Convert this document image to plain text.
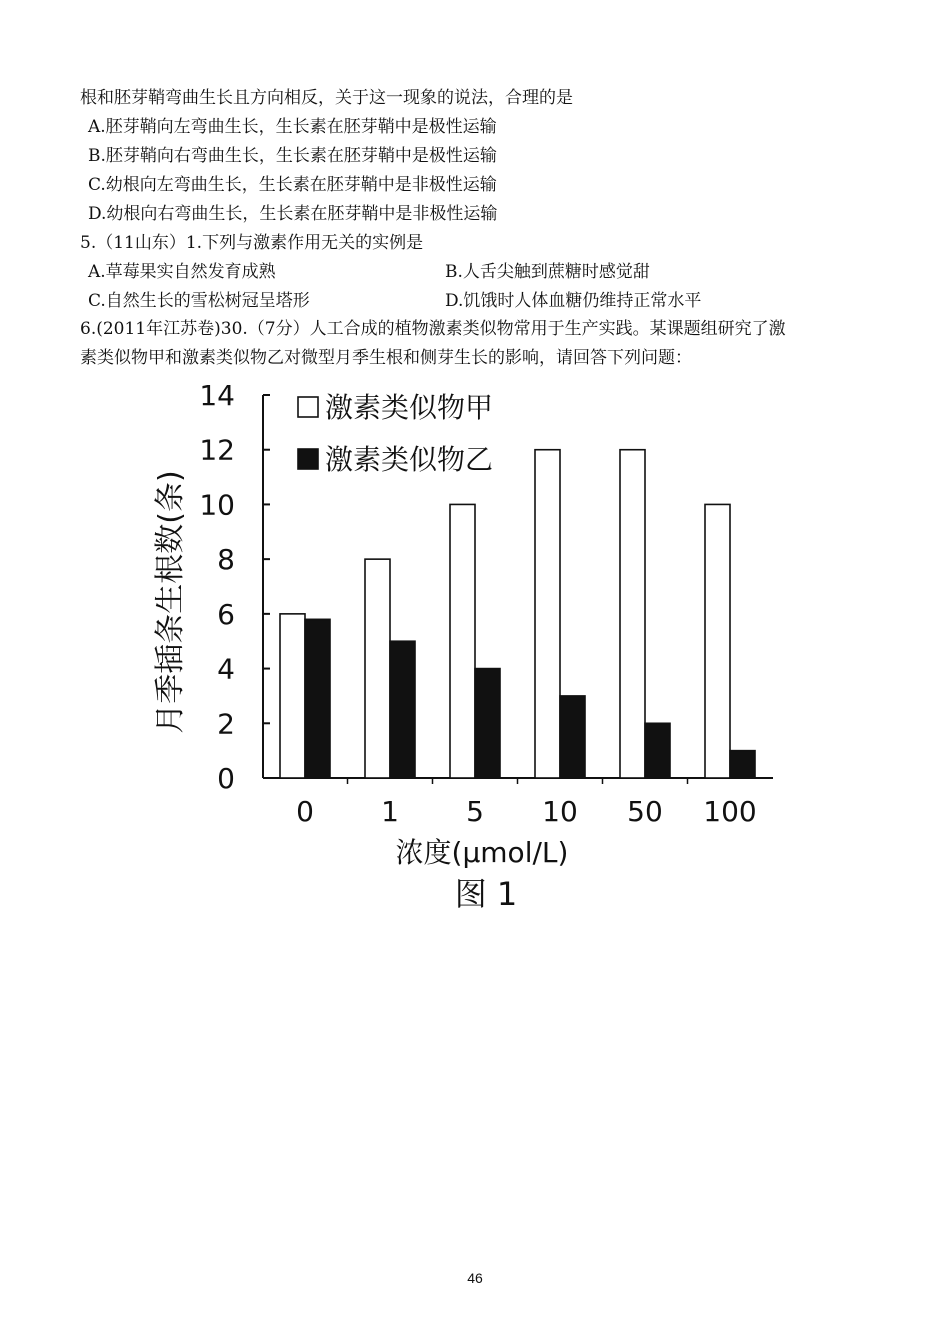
根和胚芽鞘弯曲生长且方向相反，关于这一现象的说法，合理的是
A.胚芽鞘向左弯曲生长，生长素在胚芽鞘中是极性运输
B.胚芽鞘向右弯曲生长，生长素在胚芽鞘中是极性运输
C.幼根向左弯曲生长，生长素在胚芽鞘中是非极性运输
D.幼根向右弯曲生长，生长素在胚芽鞘中是非极性运输
5.（11山东）1.下列与激素作用无关的实例是
A.草莓果实自然发育成熟	B.人舌尖触到蔗糖时感觉甜
C.自然生长的雪松树冠呈塔形	D.饥饿时人体血糖仍维持正常水平
6.(2011年江苏卷)30.（7分）人工合成的植物激素类似物常用于生产实践。某课题组研究了激
素类似物甲和激素类似物乙对微型月季生根和侧芽生长的影响，请回答下列问题：
0
2
4
6
8
10
12
14
0 1 5 10 50 100
激素类似物甲
激素类似物乙
月季插条生根数(条)
浓度(μmol/L)
图 1
46
